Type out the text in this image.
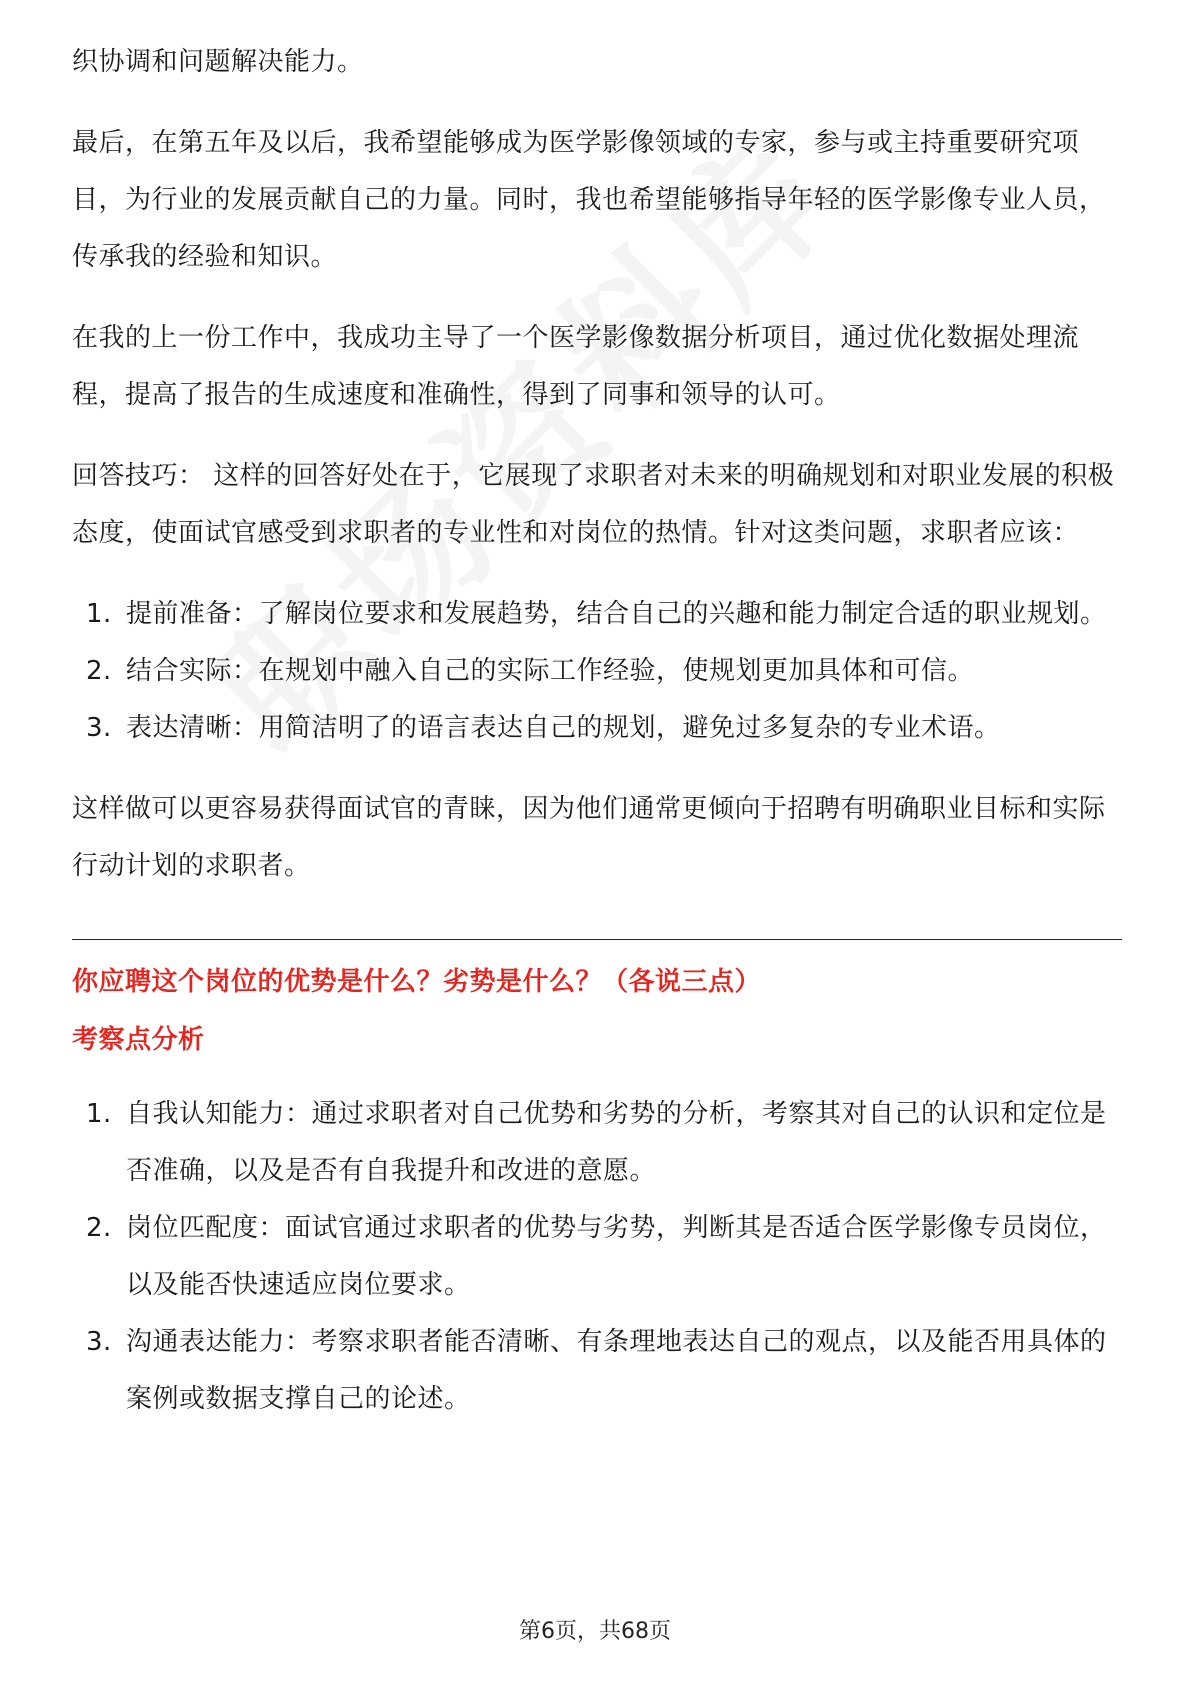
织协调和问题解决能力。

最后，在第五年及以后，我希望能够成为医学影像领域的专家，参与或主持重要研究项目，为行业的发展贡献自己的力量。同时，我也希望能够指导年轻的医学影像专业人员，传承我的经验和知识。

在我的上一份工作中，我成功主导了一个医学影像数据分析项目，通过优化数据处理流程，提高了报告的生成速度和准确性，得到了同事和领导的认可。

回答技巧： 这样的回答好处在于，它展现了求职者对未来的明确规划和对职业发展的积极态度，使面试官感受到求职者的专业性和对岗位的热情。针对这类问题，求职者应该：

1. 提前准备：了解岗位要求和发展趋势，结合自己的兴趣和能力制定合适的职业规划。
2. 结合实际：在规划中融入自己的实际工作经验，使规划更加具体和可信。
3. 表达清晰：用简洁明了的语言表达自己的规划，避免过多复杂的专业术语。

这样做可以更容易获得面试官的青睐，因为他们通常更倾向于招聘有明确职业目标和实际行动计划的求职者。

你应聘这个岗位的优势是什么？劣势是什么？（各说三点）
考察点分析
1. 自我认知能力：通过求职者对自己优势和劣势的分析，考察其对自己的认识和定位是否准确，以及是否有自我提升和改进的意愿。
2. 岗位匹配度：面试官通过求职者的优势与劣势，判断其是否适合医学影像专员岗位，以及能否快速适应岗位要求。
3. 沟通表达能力：考察求职者能否清晰、有条理地表达自己的观点，以及能否用具体的案例或数据支撑自己的论述。
第6页，共68页
